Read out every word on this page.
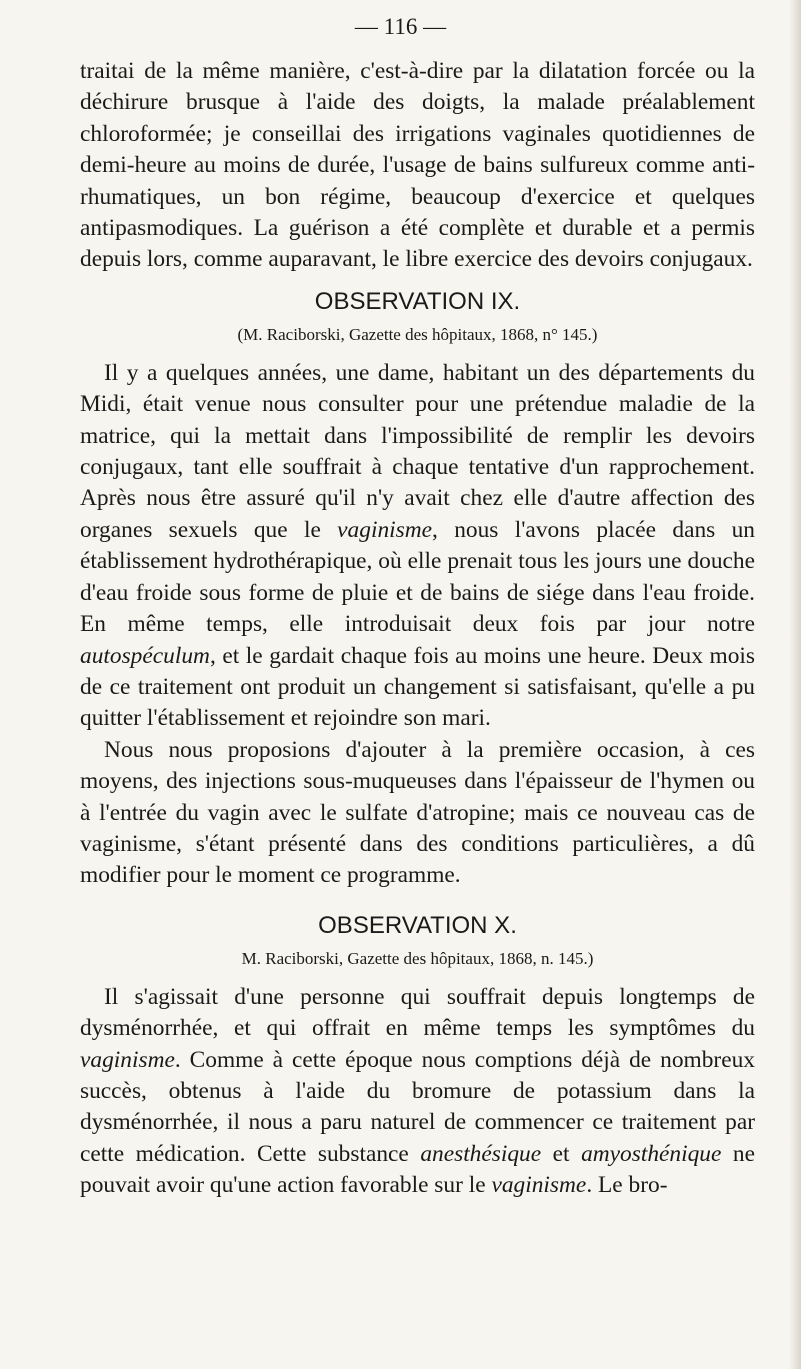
— 116 —

traitai de la même manière, c'est-à-dire par la dilatation forcée ou la déchirure brusque à l'aide des doigts, la malade préalablement chloroformée; je conseillai des irrigations vaginales quotidiennes de demi-heure au moins de durée, l'usage de bains sulfureux comme anti-rhumatiques, un bon régime, beaucoup d'exercice et quelques antipasmodiques. La guérison a été complète et durable et a permis depuis lors, comme auparavant, le libre exercice des devoirs conjugaux.

OBSERVATION IX.
(M. Raciborski, Gazette des hôpitaux, 1868, n° 145.)

Il y a quelques années, une dame, habitant un des départements du Midi, était venue nous consulter pour une prétendue maladie de la matrice, qui la mettait dans l'impossibilité de remplir les devoirs conjugaux, tant elle souffrait à chaque tentative d'un rapprochement. Après nous être assuré qu'il n'y avait chez elle d'autre affection des organes sexuels que le vaginisme, nous l'avons placée dans un établissement hydrothérapique, où elle prenait tous les jours une douche d'eau froide sous forme de pluie et de bains de siége dans l'eau froide. En même temps, elle introduisait deux fois par jour notre autospéculum, et le gardait chaque fois au moins une heure. Deux mois de ce traitement ont produit un changement si satisfaisant, qu'elle a pu quitter l'établissement et rejoindre son mari.

Nous nous proposions d'ajouter à la première occasion, à ces moyens, des injections sous-muqueuses dans l'épaisseur de l'hymen ou à l'entrée du vagin avec le sulfate d'atropine; mais ce nouveau cas de vaginisme, s'étant présenté dans des conditions particulières, a dû modifier pour le moment ce programme.

OBSERVATION X.
M. Raciborski, Gazette des hôpitaux, 1868, n. 145.)

Il s'agissait d'une personne qui souffrait depuis longtemps de dysménorrhée, et qui offrait en même temps les symptômes du vaginisme. Comme à cette époque nous comptions déjà de nombreux succès, obtenus à l'aide du bromure de potassium dans la dysménorrhée, il nous a paru naturel de commencer ce traitement par cette médication. Cette substance anesthésique et amyosthénique ne pouvait avoir qu'une action favorable sur le vaginisme. Le bro-
